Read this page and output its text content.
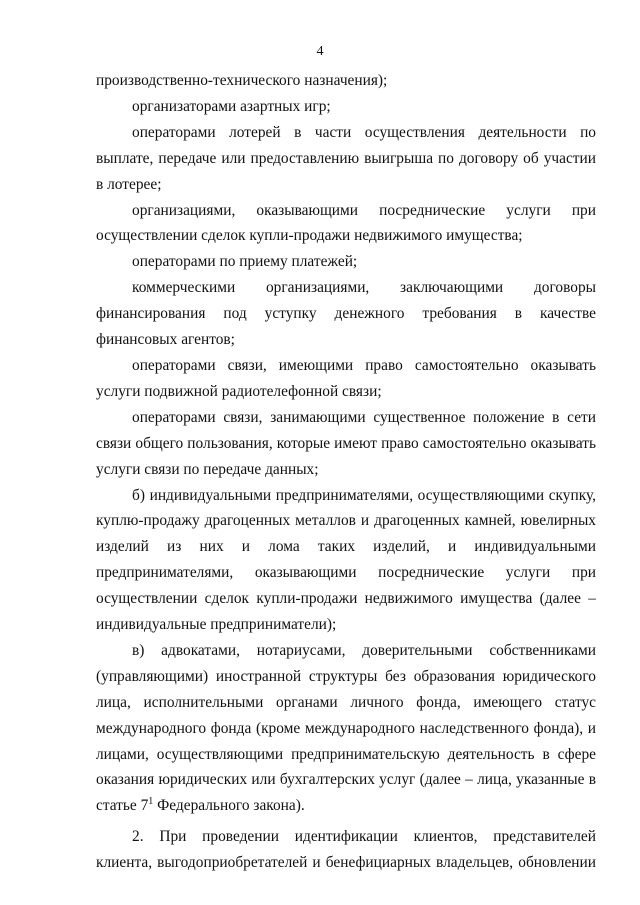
4

производственно-технического назначения);

организаторами азартных игр;

операторами лотерей в части осуществления деятельности по выплате, передаче или предоставлению выигрыша по договору об участии в лотерее;

организациями, оказывающими посреднические услуги при осуществлении сделок купли-продажи недвижимого имущества;

операторами по приему платежей;

коммерческими организациями, заключающими договоры финансирования под уступку денежного требования в качестве финансовых агентов;

операторами связи, имеющими право самостоятельно оказывать услуги подвижной радиотелефонной связи;

операторами связи, занимающими существенное положение в сети связи общего пользования, которые имеют право самостоятельно оказывать услуги связи по передаче данных;

б) индивидуальными предпринимателями, осуществляющими скупку, куплю-продажу драгоценных металлов и драгоценных камней, ювелирных изделий из них и лома таких изделий, и индивидуальными предпринимателями, оказывающими посреднические услуги при осуществлении сделок купли-продажи недвижимого имущества (далее – индивидуальные предприниматели);

в) адвокатами, нотариусами, доверительными собственниками (управляющими) иностранной структуры без образования юридического лица, исполнительными органами личного фонда, имеющего статус международного фонда (кроме международного наследственного фонда), и лицами, осуществляющими предпринимательскую деятельность в сфере оказания юридических или бухгалтерских услуг (далее – лица, указанные в статье $7^1$ Федерального закона).

2. При проведении идентификации клиентов, представителей клиента, выгодоприобретателей и бенефициарных владельцев, обновлении
